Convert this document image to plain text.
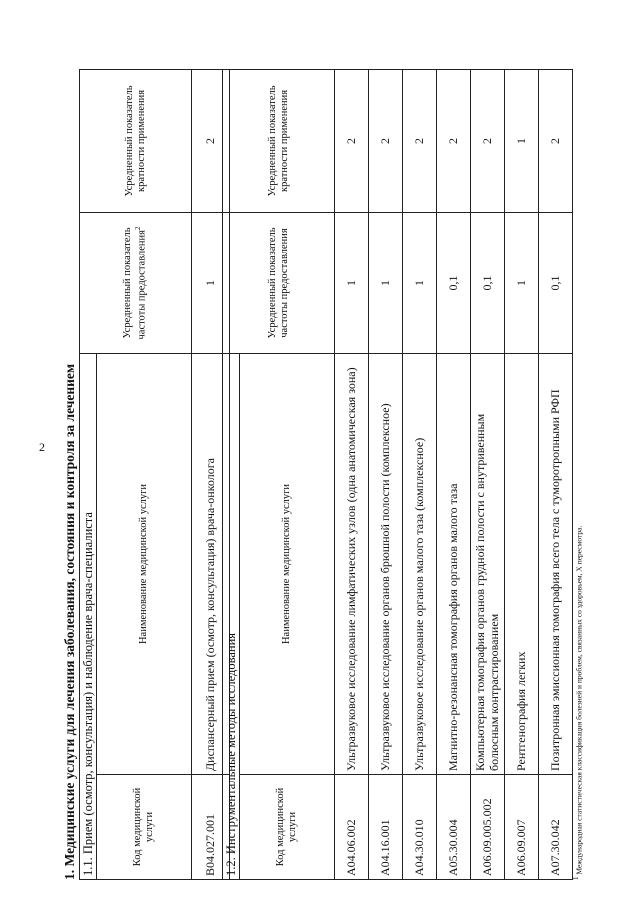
2 1. Медицинские услуги для лечения заболевания, состояния и контроля за лечением 1.1. Прием (осмотр, консультация) и наблюдение врача-специалиста		Усредненный показатель частоты предоставления$^2$	Усредненный показатель кратности применения
Код медицинской услуги	Наименование медицинской услуги		
B04.027.001	Диспансерный прием (осмотр, консультация) врача-онколога	1	2
1.2. Инструментальные методы исследования		Усредненный показатель частоты предоставления	Усредненный показатель кратности применения
Код медицинской услуги	Наименование медицинской услуги		
A04.06.002	Ультразвуковое исследование лимфатических узлов (одна анатомическая зона)	1	2
A04.16.001	Ультразвуковое исследование органов брюшной полости (комплексное)	1	2
A04.30.010	Ультразвуковое исследование органов малого таза (комплексное)	1	2
A05.30.004	Магнитно-резонансная томография органов малого таза	0,1	2
A06.09.005.002	Компьютерная томография органов грудной полости с внутривенным болюсным контрастированием	0,1	2
A06.09.007	Рентгенография легких	1	1
A07.30.042	Позитронная эмиссионная томография всего тела с туморотропными РФП	0,1	2
$^1$ Международная статистическая классификация болезней и проблем, связанных со здоровьем, X пересмотра.
